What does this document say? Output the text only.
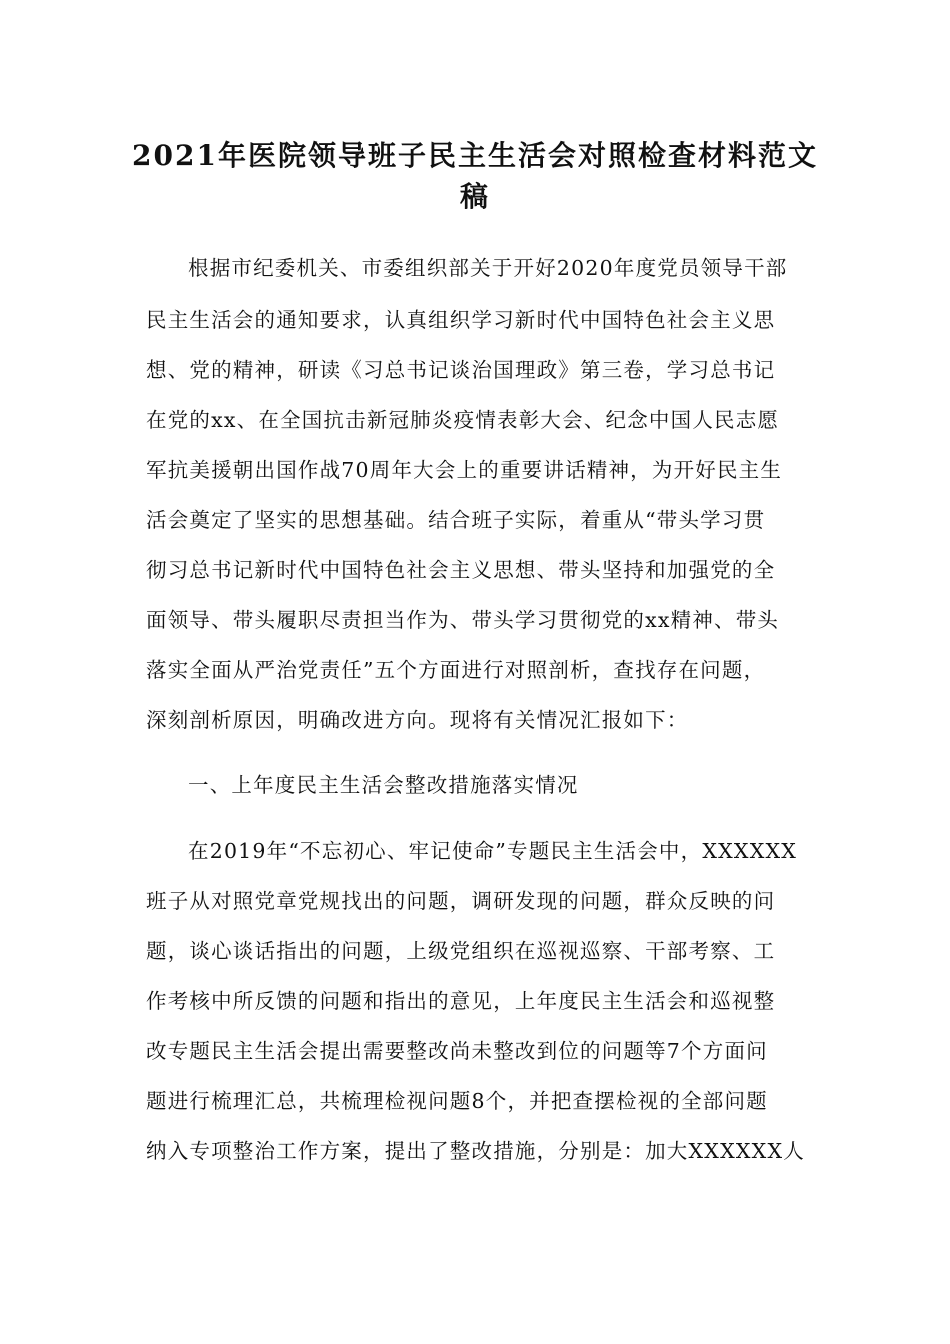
2021年医院领导班子民主生活会对照检查材料范文
稿
根据市纪委机关、市委组织部关于开好2020年度党员领导干部
民主生活会的通知要求，认真组织学习新时代中国特色社会主义思
想、党的精神，研读《习总书记谈治国理政》第三卷，学习总书记
在党的xx、在全国抗击新冠肺炎疫情表彰大会、纪念中国人民志愿
军抗美援朝出国作战70周年大会上的重要讲话精神，为开好民主生
活会奠定了坚实的思想基础。结合班子实际，着重从“带头学习贯
彻习总书记新时代中国特色社会主义思想、带头坚持和加强党的全
面领导、带头履职尽责担当作为、带头学习贯彻党的xx精神、带头
落实全面从严治党责任”五个方面进行对照剖析，查找存在问题，
深刻剖析原因，明确改进方向。现将有关情况汇报如下：
一、上年度民主生活会整改措施落实情况
在2019年“不忘初心、牢记使命”专题民主生活会中，XXXXXX
班子从对照党章党规找出的问题，调研发现的问题，群众反映的问
题，谈心谈话指出的问题，上级党组织在巡视巡察、干部考察、工
作考核中所反馈的问题和指出的意见，上年度民主生活会和巡视整
改专题民主生活会提出需要整改尚未整改到位的问题等7个方面问
题进行梳理汇总，共梳理检视问题8个，并把查摆检视的全部问题
纳入专项整治工作方案，提出了整改措施，分别是：加大XXXXXX人
